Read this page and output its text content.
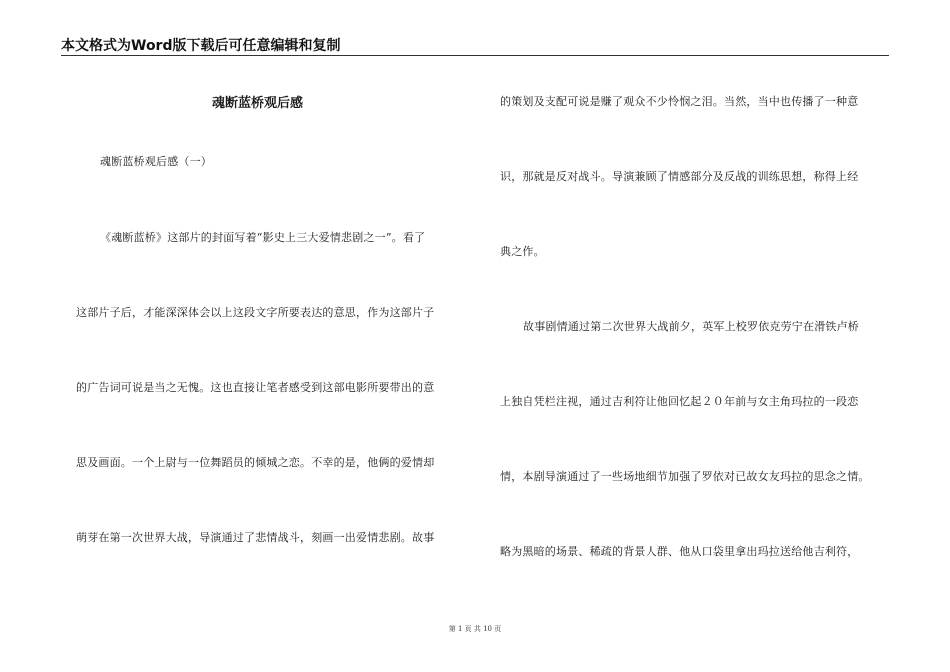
本文格式为Word版下载后可任意编辑和复制
魂断蓝桥观后感
魂断蓝桥观后感（一）
《魂断蓝桥》这部片的封面写着“影史上三大爱情悲剧之一”。看了
这部片子后，才能深深体会以上这段文字所要表达的意思，作为这部片子
的广告词可说是当之无愧。这也直接让笔者感受到这部电影所要带出的意
思及画面。一个上尉与一位舞蹈员的倾城之恋。不幸的是，他俩的爱情却
萌芽在第一次世界大战，导演通过了悲情战斗，刻画一出爱情悲剧。故事
的策划及支配可说是赚了观众不少怜悯之泪。当然，当中也传播了一种意
识，那就是反对战斗。导演兼顾了情感部分及反战的训练思想，称得上经
典之作。
故事剧情通过第二次世界大战前夕，英军上校罗依克劳宁在滑铁卢桥
上独自凭栏注视，通过吉利符让他回忆起２０年前与女主角玛拉的一段恋
情，本剧导演通过了一些场地细节加强了罗依对已故女友玛拉的思念之情。
略为黑暗的场景、稀疏的背景人群、他从口袋里拿出玛拉送给他吉利符，
第 1 页 共 10 页
